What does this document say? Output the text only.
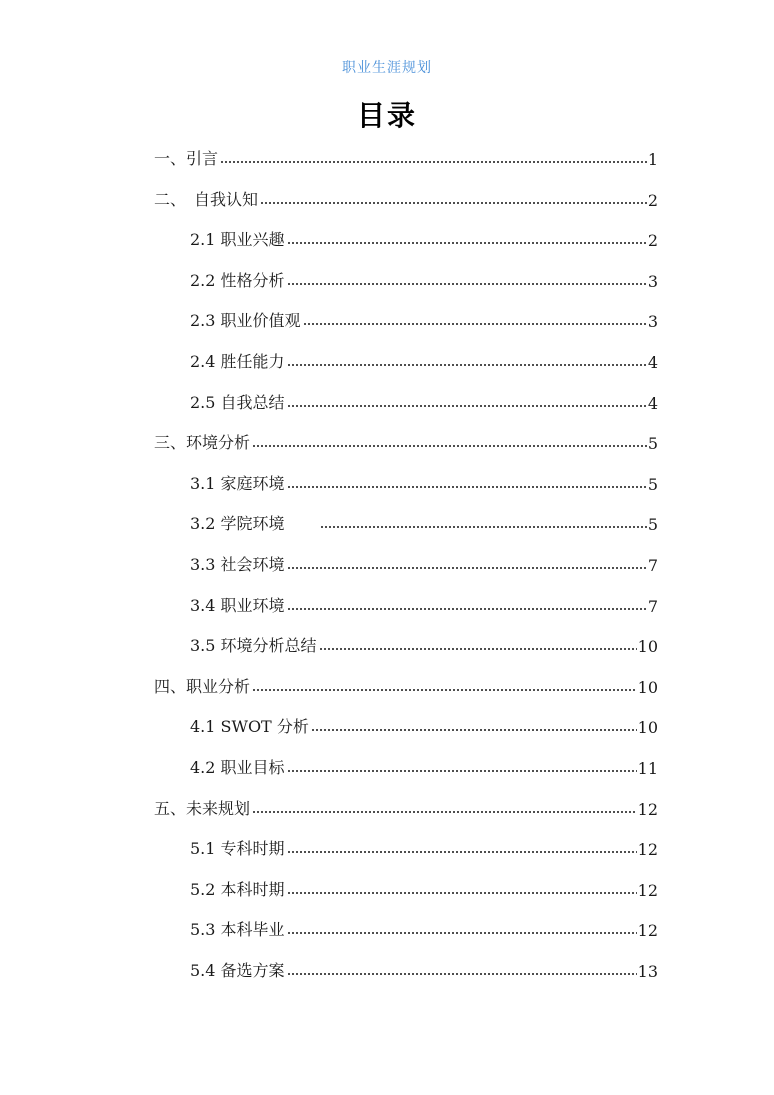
职业生涯规划
目录
一、引言	1
二、　自我认知	2
2.1 职业兴趣	2
2.2 性格分析	3
2.3 职业价值观	3
2.4 胜任能力	4
2.5 自我总结	4
三、环境分析	5
3.1 家庭环境	5
3.2 学院环境	5
3.3 社会环境	7
3.4 职业环境	7
3.5 环境分析总结	10
四、职业分析	10
4.1 SWOT 分析	10
4.2 职业目标	11
五、未来规划	12
5.1 专科时期	12
5.2 本科时期	12
5.3 本科毕业	12
5.4 备选方案	13
